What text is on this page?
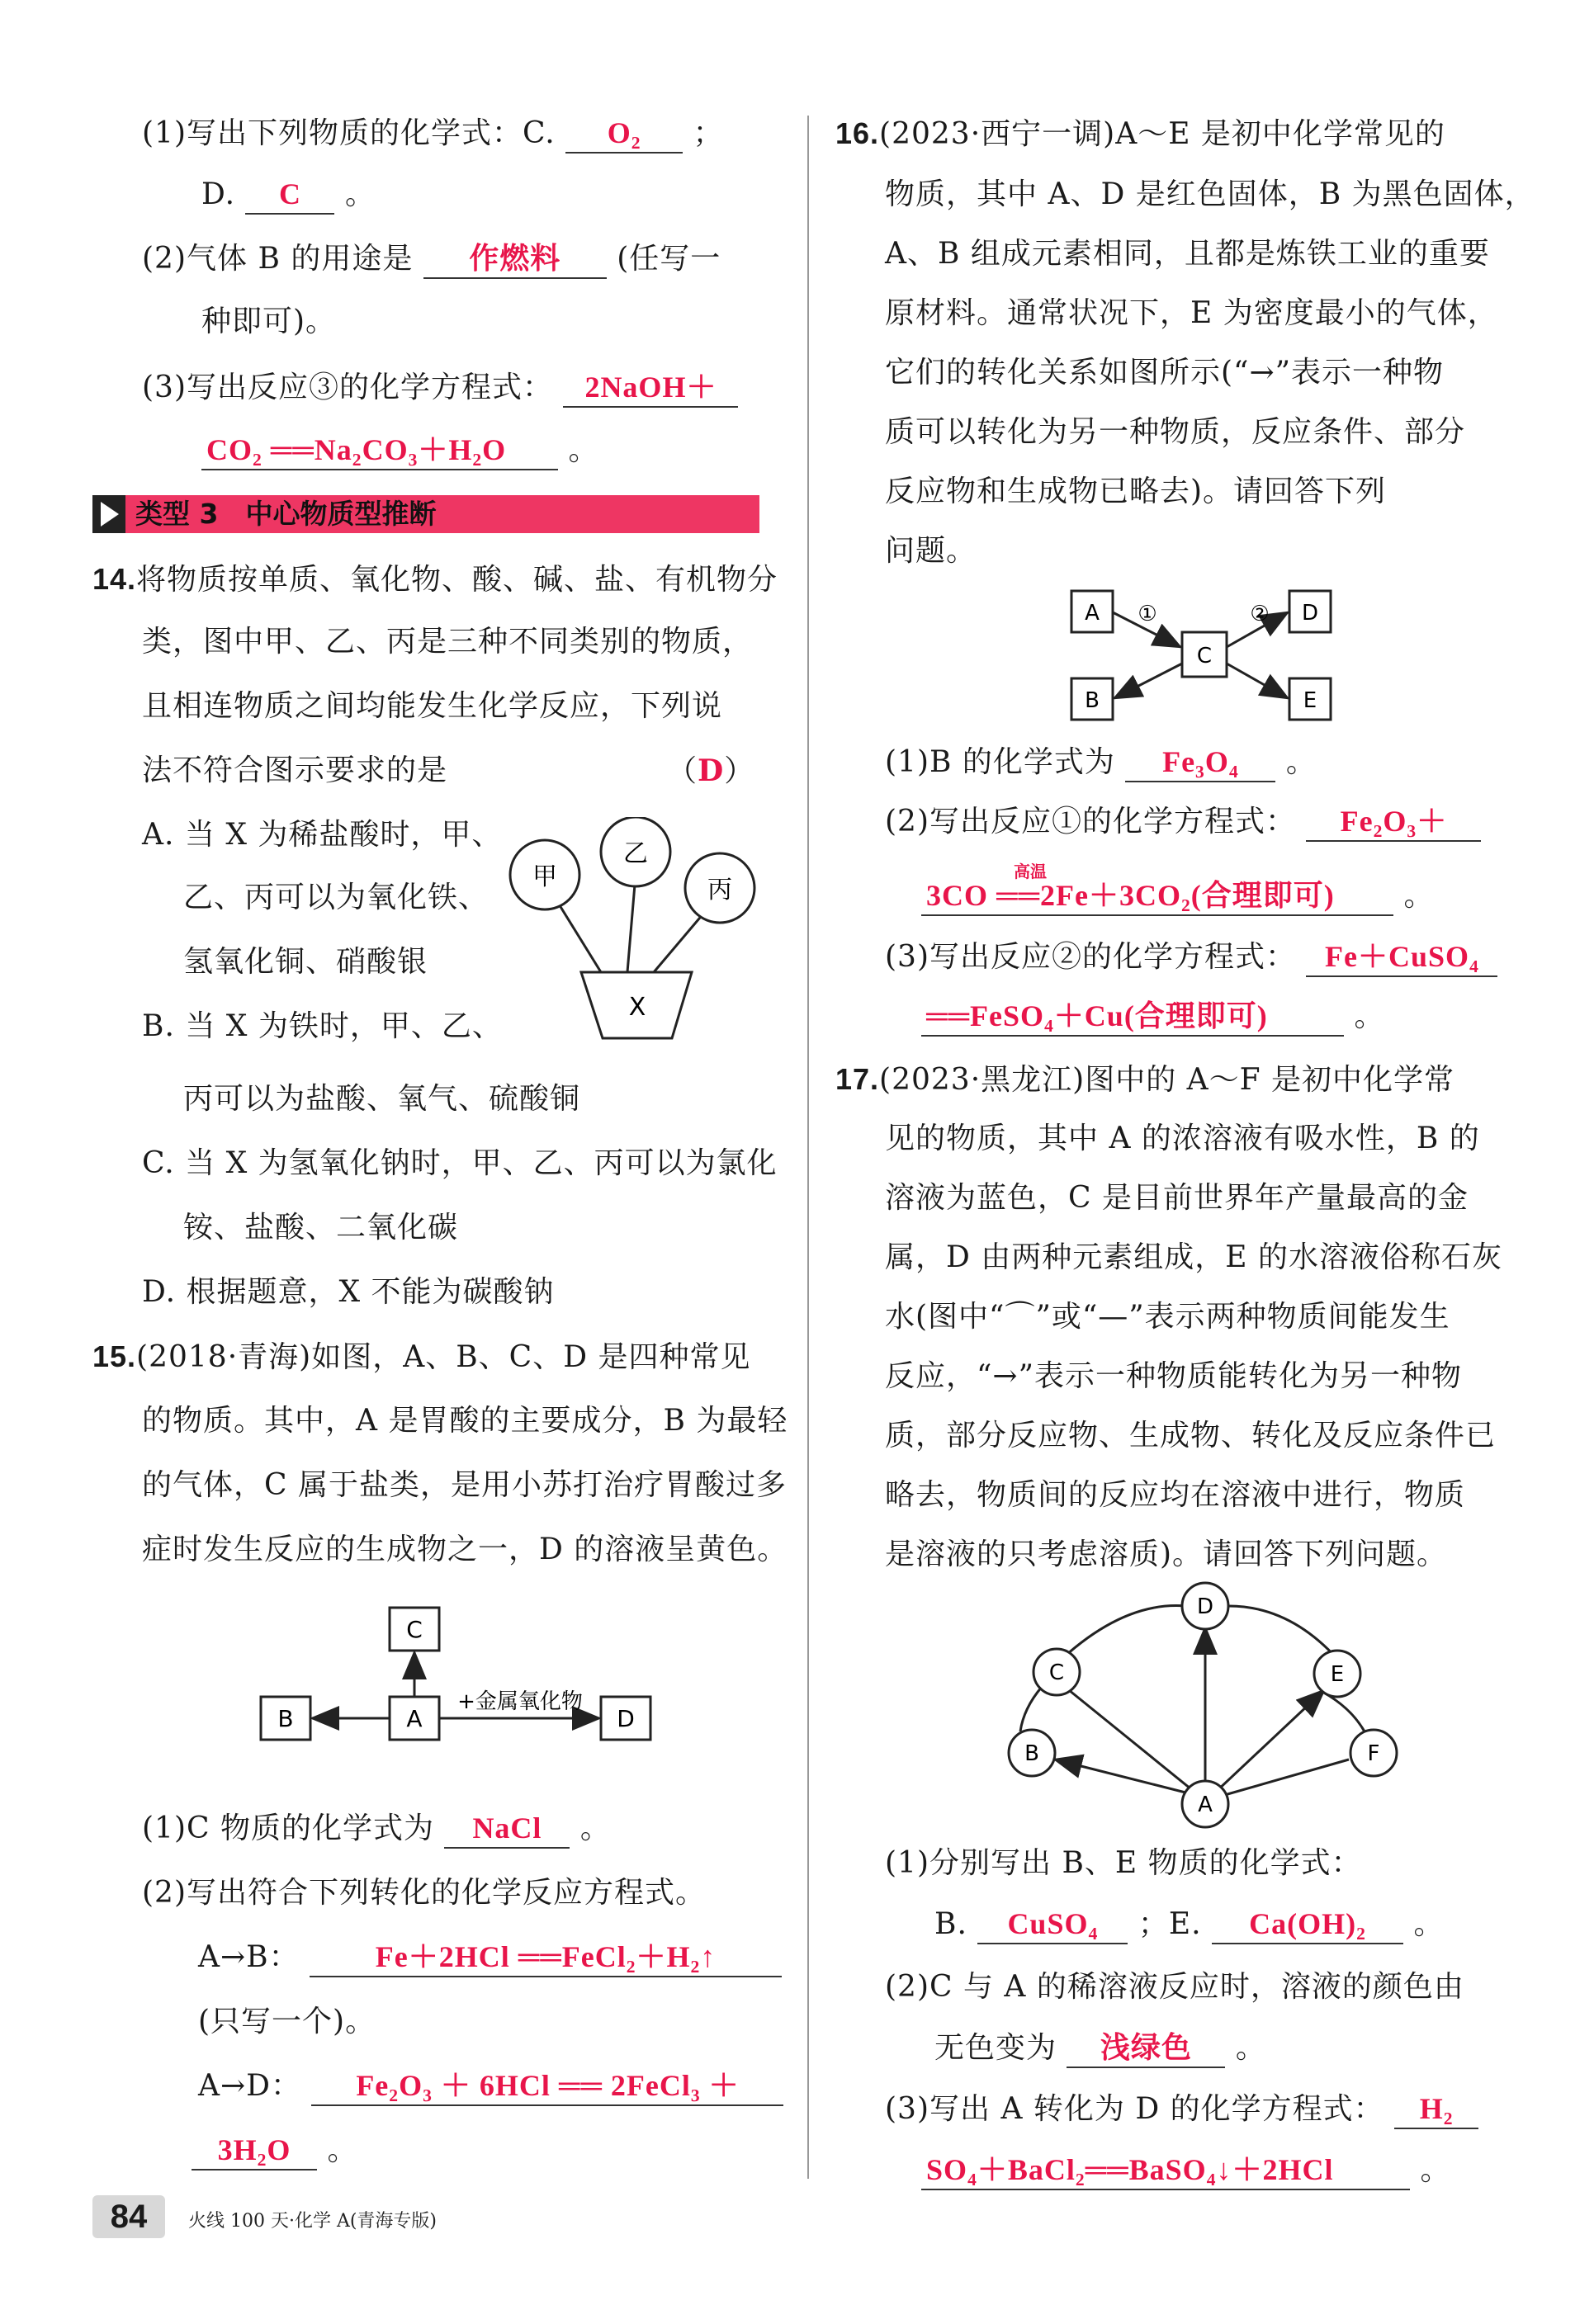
(1)写出下列物质的化学式：C. O₂ ；
D. C 。
(2)气体 B 的用途是 作燃料 (任写一
种即可)。
(3)写出反应③的化学方程式： 2NaOH＋
CO₂ ══Na₂CO₃＋H₂O 。
类型 3　中心物质型推断
14.将物质按单质、氧化物、酸、碱、盐、有机物分
类，图中甲、乙、丙是三种不同类别的物质，
且相连物质之间均能发生化学反应，下列说
法不符合图示要求的是	（D）
A. 当 X 为稀盐酸时，甲、
乙、丙可以为氧化铁、
氢氧化铜、硝酸银
B. 当 X 为铁时，甲、乙、
丙可以为盐酸、氧气、硫酸铜
C. 当 X 为氢氧化钠时，甲、乙、丙可以为氯化
铵、盐酸、二氧化碳
D. 根据题意，X 不能为碳酸钠
甲
乙
丙
X
15.(2018·青海)如图，A、B、C、D 是四种常见
的物质。其中，A 是胃酸的主要成分，B 为最轻
的气体，C 属于盐类，是用小苏打治疗胃酸过多
症时发生反应的生成物之一，D 的溶液呈黄色。
C
B	A	D
+金属氧化物
(1)C 物质的化学式为 NaCl 。
(2)写出符合下列转化的化学反应方程式。
A→B：	Fe＋2HCl ══FeCl₂＋H₂↑
(只写一个)。
A→D： Fe₂O₃ ＋ 6HCl ══ 2FeCl₃ ＋
3H₂O 。
16.(2023·西宁一调)A～E 是初中化学常见的
物质，其中 A、D 是红色固体，B 为黑色固体，
A、B 组成元素相同，且都是炼铁工业的重要
原材料。通常状况下，E 为密度最小的气体，
它们的转化关系如图所示(“→”表示一种物
质可以转化为另一种物质，反应条件、部分
反应物和生成物已略去)。请回答下列
问题。
A
B
C
D
E
①	②
(1)B 的化学式为 Fe₃O₄ 。
(2)写出反应①的化学方程式： Fe₂O₃＋
高温
3CO ══2Fe＋3CO₂(合理即可) 。
(3)写出反应②的化学方程式： Fe＋CuSO₄
══FeSO₄＋Cu(合理即可)	。
17.(2023·黑龙江)图中的 A～F 是初中化学常
见的物质，其中 A 的浓溶液有吸水性，B 的
溶液为蓝色，C 是目前世界年产量最高的金
属，D 由两种元素组成，E 的水溶液俗称石灰
水(图中“⌒”或“—”表示两种物质间能发生
反应，“→”表示一种物质能转化为另一种物
质，部分反应物、生成物、转化及反应条件已
略去，物质间的反应均在溶液中进行，物质
是溶液的只考虑溶质)。请回答下列问题。
D
C	E
B	F
A
(1)分别写出 B、E 物质的化学式：
B. CuSO₄ ；E. Ca(OH)₂ 。
(2)C 与 A 的稀溶液反应时，溶液的颜色由
无色变为 浅绿色 。
(3)写出 A 转化为 D 的化学方程式： H₂
SO₄＋BaCl₂══BaSO₄↓＋2HCl	。
84	火线 100 天·化学 A(青海专版)
